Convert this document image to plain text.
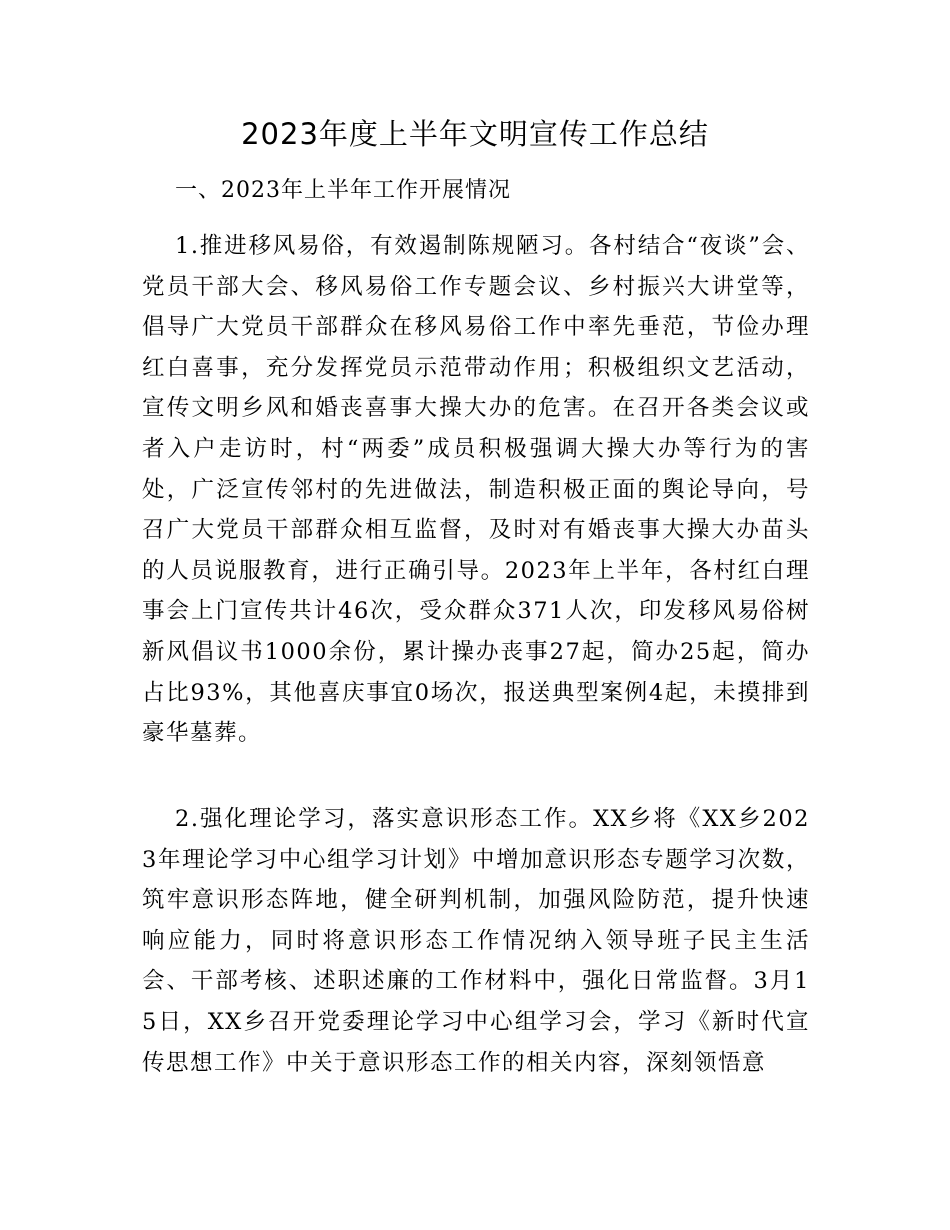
2023年度上半年文明宣传工作总结

一、2023年上半年工作开展情况

1.推进移风易俗，有效遏制陈规陋习。各村结合“夜谈”会、党员干部大会、移风易俗工作专题会议、乡村振兴大讲堂等，倡导广大党员干部群众在移风易俗工作中率先垂范，节俭办理红白喜事，充分发挥党员示范带动作用；积极组织文艺活动，宣传文明乡风和婚丧喜事大操大办的危害。在召开各类会议或者入户走访时，村“两委”成员积极强调大操大办等行为的害处，广泛宣传邻村的先进做法，制造积极正面的舆论导向，号召广大党员干部群众相互监督，及时对有婚丧事大操大办苗头的人员说服教育，进行正确引导。2023年上半年，各村红白理事会上门宣传共计46次，受众群众371人次，印发移风易俗树新风倡议书1000余份，累计操办丧事27起，简办25起，简办占比93%，其他喜庆事宜0场次，报送典型案例4起，未摸排到豪华墓葬。

2.强化理论学习，落实意识形态工作。XX乡将《XX乡2023年理论学习中心组学习计划》中增加意识形态专题学习次数，筑牢意识形态阵地，健全研判机制，加强风险防范，提升快速响应能力，同时将意识形态工作情况纳入领导班子民主生活会、干部考核、述职述廉的工作材料中，强化日常监督。3月15日，XX乡召开党委理论学习中心组学习会，学习《新时代宣传思想工作》中关于意识形态工作的相关内容，深刻领悟意
